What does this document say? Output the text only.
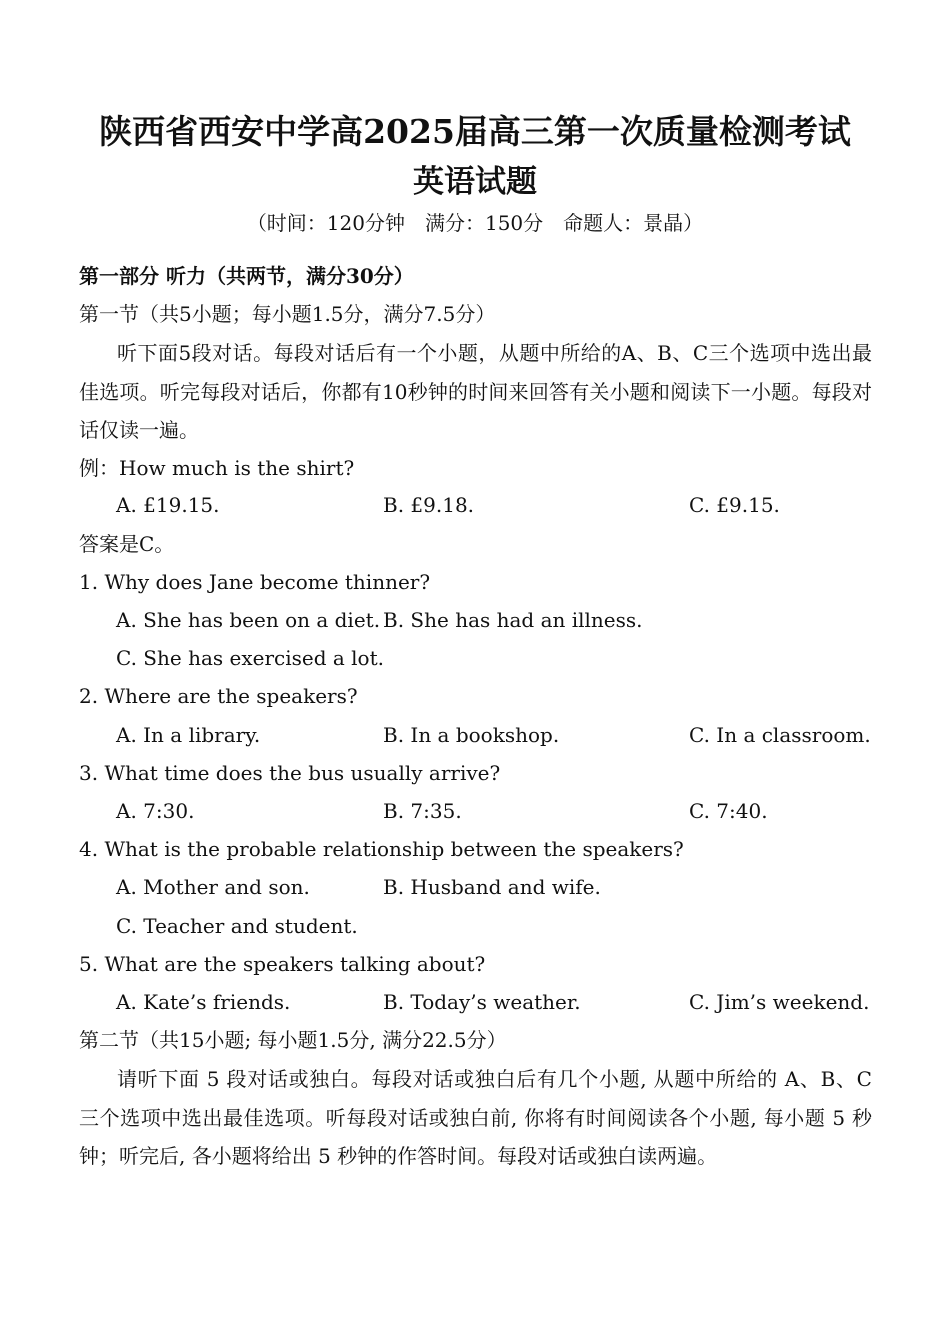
陕西省西安中学高2025届高三第一次质量检测考试
英语试题
（时间：120分钟　满分：150分　命题人：景晶）
第一部分 听力（共两节，满分30分）
第一节（共5小题；每小题1.5分，满分7.5分）
听下面5段对话。每段对话后有一个小题，从题中所给的A、B、C三个选项中选出最佳选项。听完每段对话后，你都有10秒钟的时间来回答有关小题和阅读下一小题。每段对话仅读一遍。
例：How much is the shirt?
A. £19.15.	B. £9.18.	C. £9.15.
答案是C。
1. Why does Jane become thinner?
A. She has been on a diet. B. She has had an illness.
C. She has exercised a lot.
2. Where are the speakers?
A. In a library.	B. In a bookshop.	C. In a classroom.
3. What time does the bus usually arrive?
A. 7:30.	B. 7:35.	C. 7:40.
4. What is the probable relationship between the speakers?
A. Mother and son.	B. Husband and wife.
C. Teacher and student.
5. What are the speakers talking about?
A. Kate’s friends.	B. Today’s weather.	C. Jim’s weekend.
第二节（共15小题; 每小题1.5分, 满分22.5分）
请听下面 5 段对话或独白。每段对话或独白后有几个小题, 从题中所给的 A、B、C 三个选项中选出最佳选项。听每段对话或独白前, 你将有时间阅读各个小题, 每小题 5 秒钟；听完后, 各小题将给出 5 秒钟的作答时间。每段对话或独白读两遍。
